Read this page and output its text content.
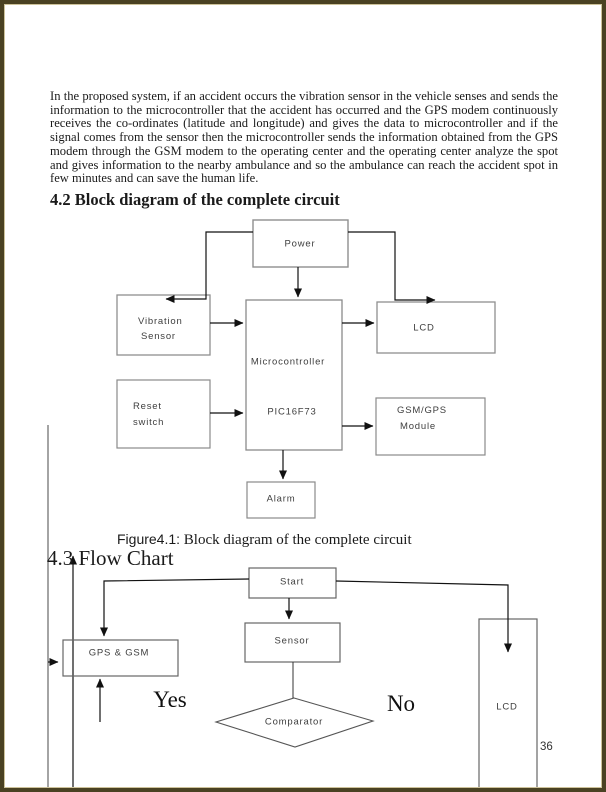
In the proposed system, if an accident occurs the vibration sensor in the vehicle senses and sends the information to the microcontroller that the accident has occurred and the GPS modem continuously receives the co-ordinates (latitude and longitude) and gives the data to microcontroller and if the signal comes from the sensor then the microcontroller sends the information obtained from the GPS modem through the GSM modem to the operating center and the operating center analyze the spot and gives information to the nearby ambulance and so the ambulance can reach the accident spot in few minutes and can save the human life.
4.2 Block diagram of the complete circuit
Power
Vibration
Sensor
Microcontroller
PIC16F73
LCD
Reset
switch
GSM/GPS
Module
Alarm
Figure4.1: Block diagram of the complete circuit
4.3 Flow Chart
Start
Sensor
GPS & GSM
Comparator
LCD
Yes	No
36
